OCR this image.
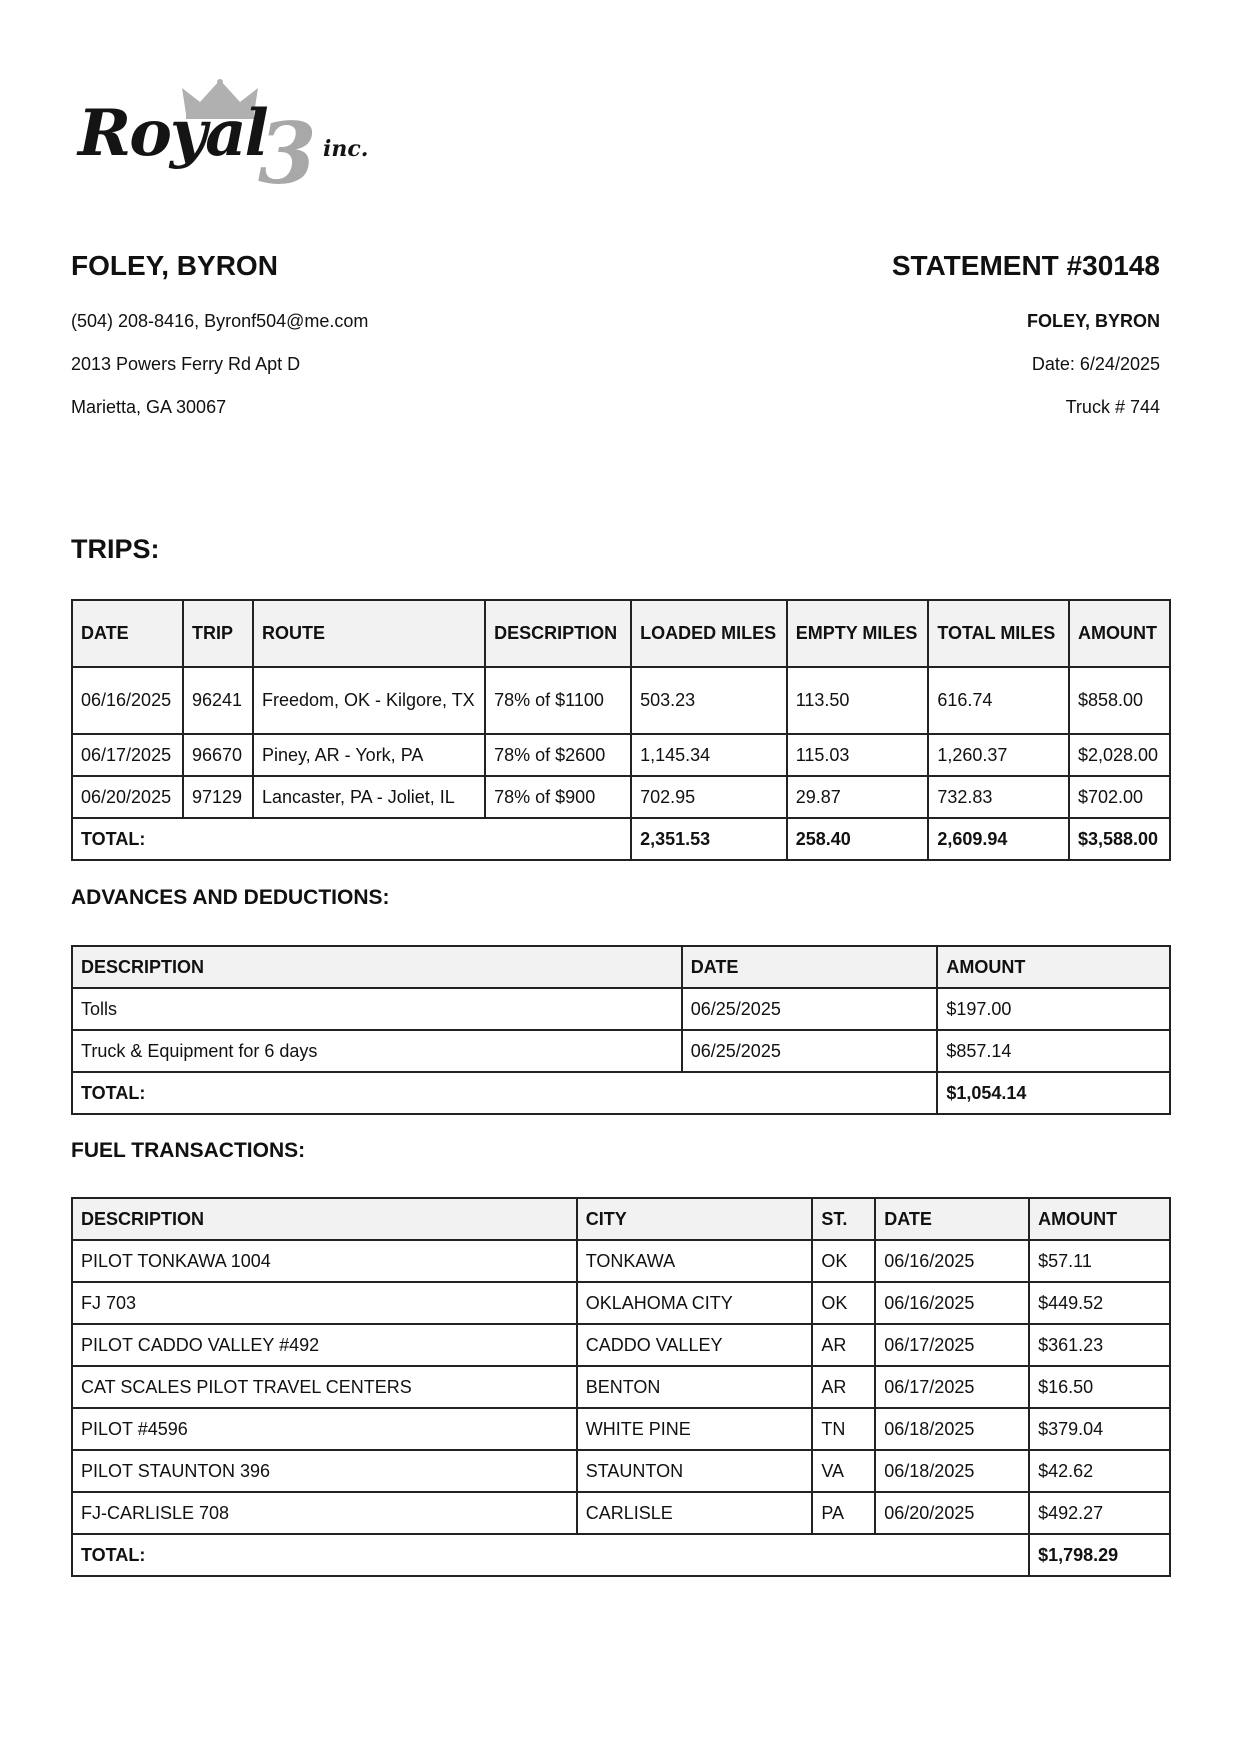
Royal
3 inc.
FOLEY, BYRON	STATEMENT #30148
(504) 208-8416, Byronf504@me.com
2013 Powers Ferry Rd Apt D
Marietta, GA 30067
FOLEY, BYRON
Date: 6/24/2025
Truck # 744
TRIPS:
DATE	TRIP	ROUTE	DESCRIPTION	LOADED MILES	EMPTY MILES	TOTAL MILES	AMOUNT
06/16/2025	96241	Freedom, OK - Kilgore, TX	78% of $1100	503.23	113.50	616.74	$858.00
06/17/2025	96670	Piney, AR - York, PA	78% of $2600	1,145.34	115.03	1,260.37	$2,028.00
06/20/2025	97129	Lancaster, PA - Joliet, IL	78% of $900	702.95	29.87	732.83	$702.00
TOTAL:				2,351.53	258.40	2,609.94	$3,588.00
ADVANCES AND DEDUCTIONS:
DESCRIPTION	DATE	AMOUNT
Tolls	06/25/2025	$197.00
Truck & Equipment for 6 days	06/25/2025	$857.14
TOTAL:		$1,054.14
FUEL TRANSACTIONS:
DESCRIPTION	CITY	ST.	DATE	AMOUNT
PILOT TONKAWA 1004	TONKAWA	OK	06/16/2025	$57.11
FJ 703	OKLAHOMA CITY	OK	06/16/2025	$449.52
PILOT CADDO VALLEY #492	CADDO VALLEY	AR	06/17/2025	$361.23
CAT SCALES PILOT TRAVEL CENTERS	BENTON	AR	06/17/2025	$16.50
PILOT #4596	WHITE PINE	TN	06/18/2025	$379.04
PILOT STAUNTON 396	STAUNTON	VA	06/18/2025	$42.62
FJ-CARLISLE 708	CARLISLE	PA	06/20/2025	$492.27
TOTAL:				$1,798.29
